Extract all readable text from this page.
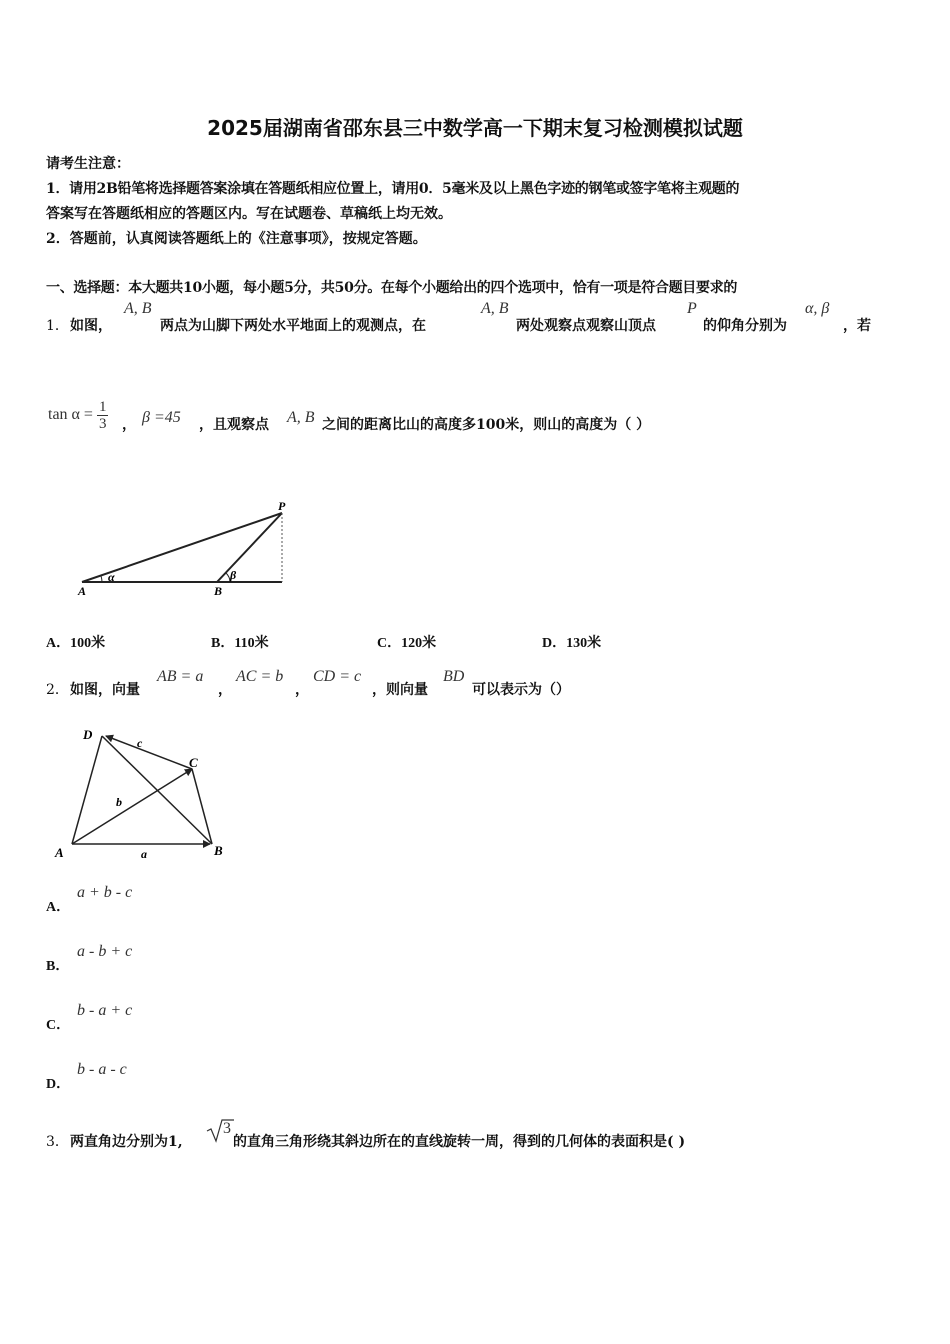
2025届湖南省邵东县三中数学高一下期末复习检测模拟试题
请考生注意：
1．请用2B铅笔将选择题答案涂填在答题纸相应位置上，请用0．5毫米及以上黑色字迹的钢笔或签字笔将主观题的
答案写在答题纸相应的答题区内。写在试题卷、草稿纸上均无效。
2．答题前，认真阅读答题纸上的《注意事项》，按规定答题。
一、选择题：本大题共10小题，每小题5分，共50分。在每个小题给出的四个选项中，恰有一项是符合题目要求的
1． 如图，
A, B
两点为山脚下两处水平地面上的观测点，在
A, B
两处观察点观察山顶点
P
的仰角分别为
α, β
，若
$\tan \alpha = \frac{1}{3}$ ， β =45 ，且观察点 A, B 之间的距离比山的高度多100米，则山的高度为（ ）
A	B
P
α	β
A．100米	B．110米	C．120米	D．130米
2． 如图，向量
AB = a
，
AC = b
，
CD = c
，则向量
BD
可以表示为（）
A	B
C
D
a
b
c
A．
a + b - c
B．
a - b + c
C．
b - a + c
D．
b - a - c
3． 两直角边分别为1,
3
的直角三角形绕其斜边所在的直线旋转一周，得到的几何体的表面积是( )
